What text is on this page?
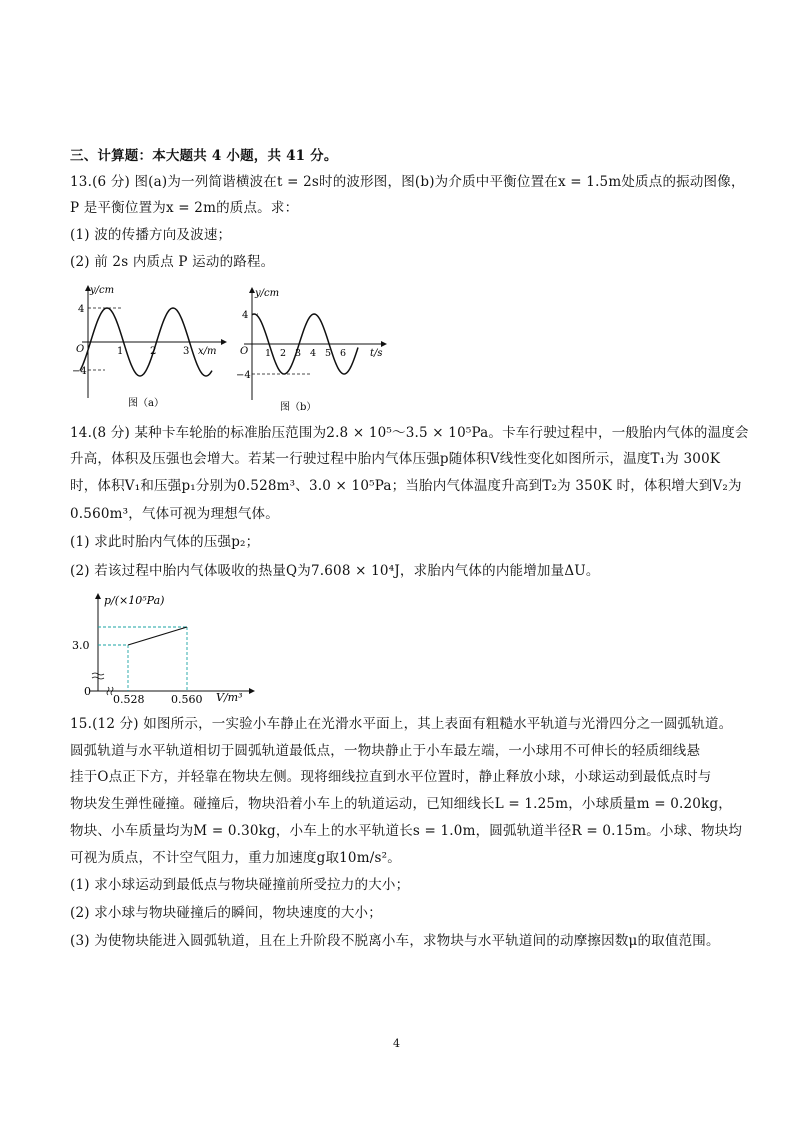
三、计算题：本大题共 4 小题，共 41 分。
13.(6 分) 图(a)为一列简谐横波在t = 2s时的波形图，图(b)为介质中平衡位置在x = 1.5m处质点的振动图像，
P 是平衡位置为x = 2m的质点。求：
(1) 波的传播方向及波速；
(2) 前 2s 内质点 P 运动的路程。
y/cm
x/m
O
4
−4
1	2	3
图（a）
y/cm
t/s
O
4
−4
1 2 3 4 5 6
图（b）
14.(8 分) 某种卡车轮胎的标准胎压范围为2.8 × 10⁵～3.5 × 10⁵Pa。卡车行驶过程中，一般胎内气体的温度会
升高，体积及压强也会增大。若某一行驶过程中胎内气体压强p随体积V线性变化如图所示，温度T₁为 300K
时，体积V₁和压强p₁分别为0.528m³、3.0 × 10⁵Pa；当胎内气体温度升高到T₂为 350K 时，体积增大到V₂为
0.560m³，气体可视为理想气体。
(1) 求此时胎内气体的压强p₂；
(2) 若该过程中胎内气体吸收的热量Q为7.608 × 10⁴J，求胎内气体的内能增加量ΔU。
p/(×10⁵Pa)
V/m³
3.0
0
0.528 0.560
15.(12 分) 如图所示，一实验小车静止在光滑水平面上，其上表面有粗糙水平轨道与光滑四分之一圆弧轨道。
圆弧轨道与水平轨道相切于圆弧轨道最低点，一物块静止于小车最左端，一小球用不可伸长的轻质细线悬
挂于O点正下方，并轻靠在物块左侧。现将细线拉直到水平位置时，静止释放小球，小球运动到最低点时与
物块发生弹性碰撞。碰撞后，物块沿着小车上的轨道运动，已知细线长L = 1.25m，小球质量m = 0.20kg，
物块、小车质量均为M = 0.30kg，小车上的水平轨道长s = 1.0m，圆弧轨道半径R = 0.15m。小球、物块均
可视为质点，不计空气阻力，重力加速度g取10m/s²。
(1) 求小球运动到最低点与物块碰撞前所受拉力的大小；
(2) 求小球与物块碰撞后的瞬间，物块速度的大小；
(3) 为使物块能进入圆弧轨道，且在上升阶段不脱离小车，求物块与水平轨道间的动摩擦因数μ的取值范围。
4
